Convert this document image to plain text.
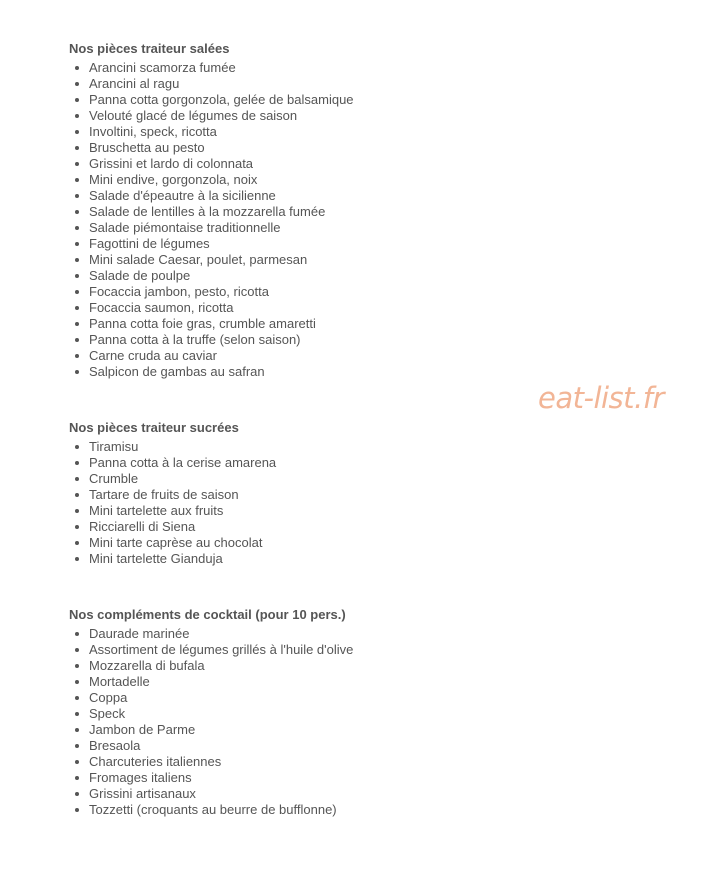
Nos pièces traiteur salées
Arancini scamorza fumée
Arancini al ragu
Panna cotta gorgonzola, gelée de balsamique
Velouté glacé de légumes de saison
Involtini, speck, ricotta
Bruschetta au pesto
Grissini et lardo di colonnata
Mini endive, gorgonzola, noix
Salade d'épeautre à la sicilienne
Salade de lentilles à la mozzarella fumée
Salade piémontaise traditionnelle
Fagottini de légumes
Mini salade Caesar, poulet, parmesan
Salade de poulpe
Focaccia jambon, pesto, ricotta
Focaccia saumon, ricotta
Panna cotta foie gras, crumble amaretti
Panna cotta à la truffe (selon saison)
Carne cruda au caviar
Salpicon de gambas au safran
Nos pièces traiteur sucrées
Tiramisu
Panna cotta à la cerise amarena
Crumble
Tartare de fruits de saison
Mini tartelette aux fruits
Ricciarelli di Siena
Mini tarte caprèse au chocolat
Mini tartelette Gianduja
Nos compléments de cocktail (pour 10 pers.)
Daurade marinée
Assortiment de légumes grillés à l'huile d'olive
Mozzarella di bufala
Mortadelle
Coppa
Speck
Jambon de Parme
Bresaola
Charcuteries italiennes
Fromages italiens
Grissini artisanaux
Tozzetti (croquants au beurre de bufflonne)
eat-list.fr
